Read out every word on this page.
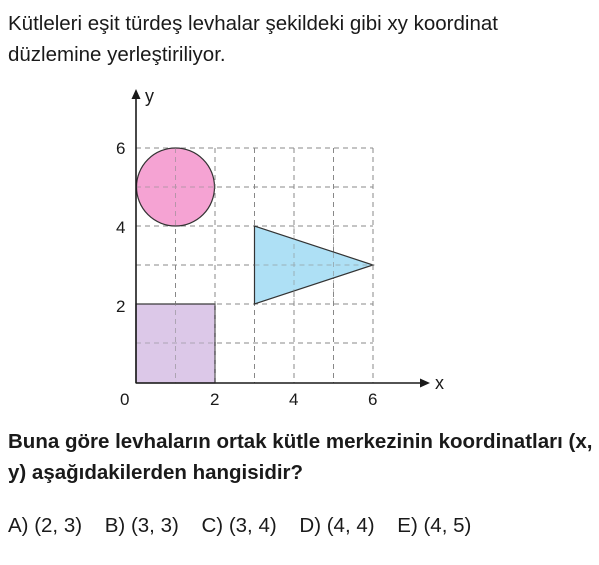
Kütleleri eşit türdeş levhalar şekildeki gibi xy koordinat düzlemine yerleştiriliyor.

x
y
0	2	4	6
6
4
2

Buna göre levhaların ortak kütle merkezinin koordinatları (x, y) aşağıdakilerden hangisidir?

A) (2, 3) B) (3, 3) C) (3, 4) D) (4, 4) E) (4, 5)
